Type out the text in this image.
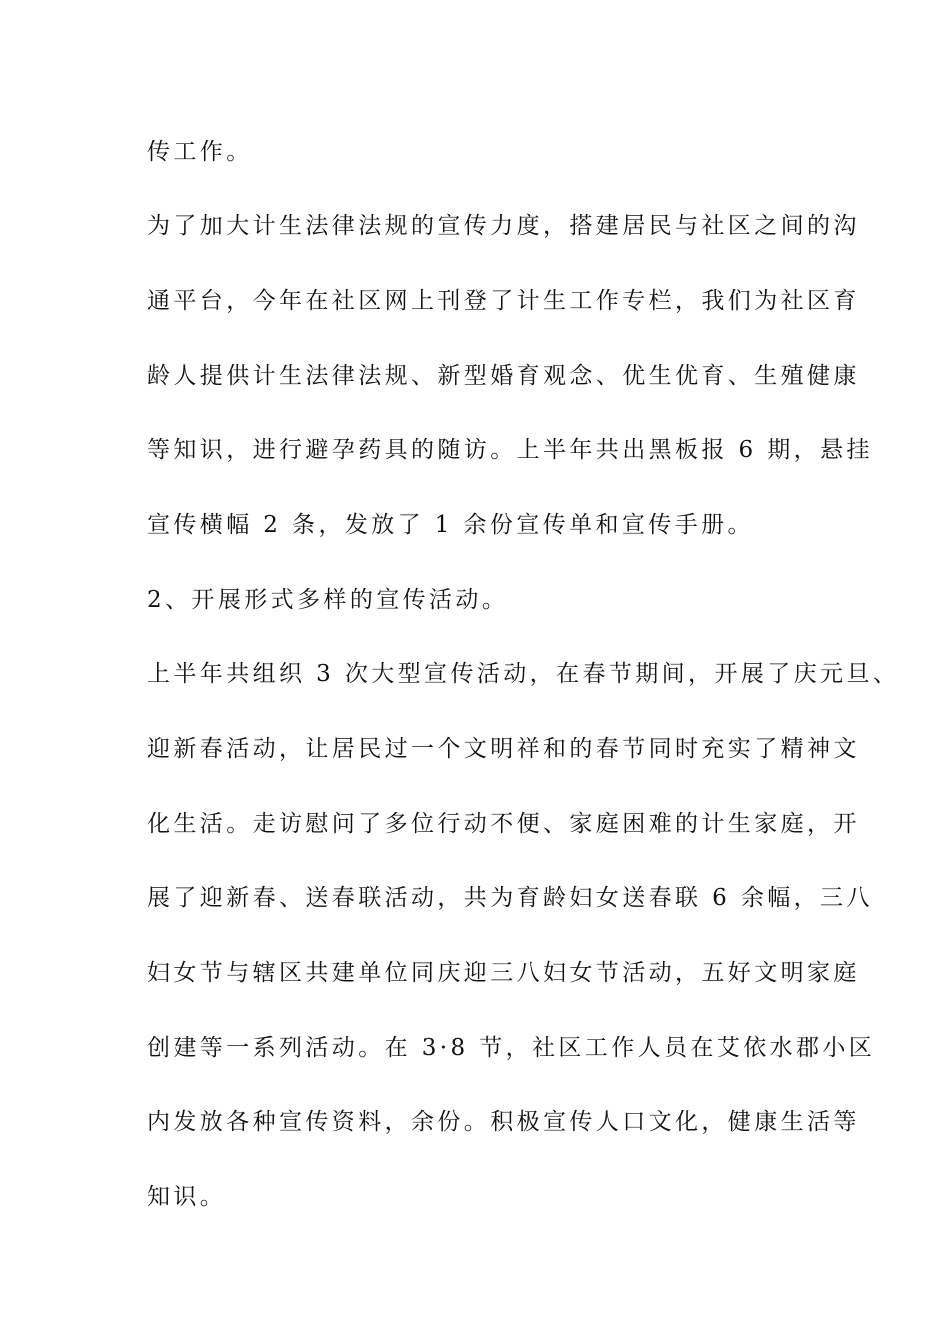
传工作。

为了加大计生法律法规的宣传力度，搭建居民与社区之间的沟

通平台，今年在社区网上刊登了计生工作专栏，我们为社区育

龄人提供计生法律法规、新型婚育观念、优生优育、生殖健康

等知识，进行避孕药具的随访。上半年共出黑板报 6 期，悬挂

宣传横幅 2 条，发放了 1 余份宣传单和宣传手册。

2、开展形式多样的宣传活动。

上半年共组织 3 次大型宣传活动，在春节期间，开展了庆元旦、

迎新春活动，让居民过一个文明祥和的春节同时充实了精神文

化生活。走访慰问了多位行动不便、家庭困难的计生家庭，开

展了迎新春、送春联活动，共为育龄妇女送春联 6 余幅，三八

妇女节与辖区共建单位同庆迎三八妇女节活动，五好文明家庭

创建等一系列活动。在 3·8 节，社区工作人员在艾依水郡小区

内发放各种宣传资料，余份。积极宣传人口文化，健康生活等

知识。
